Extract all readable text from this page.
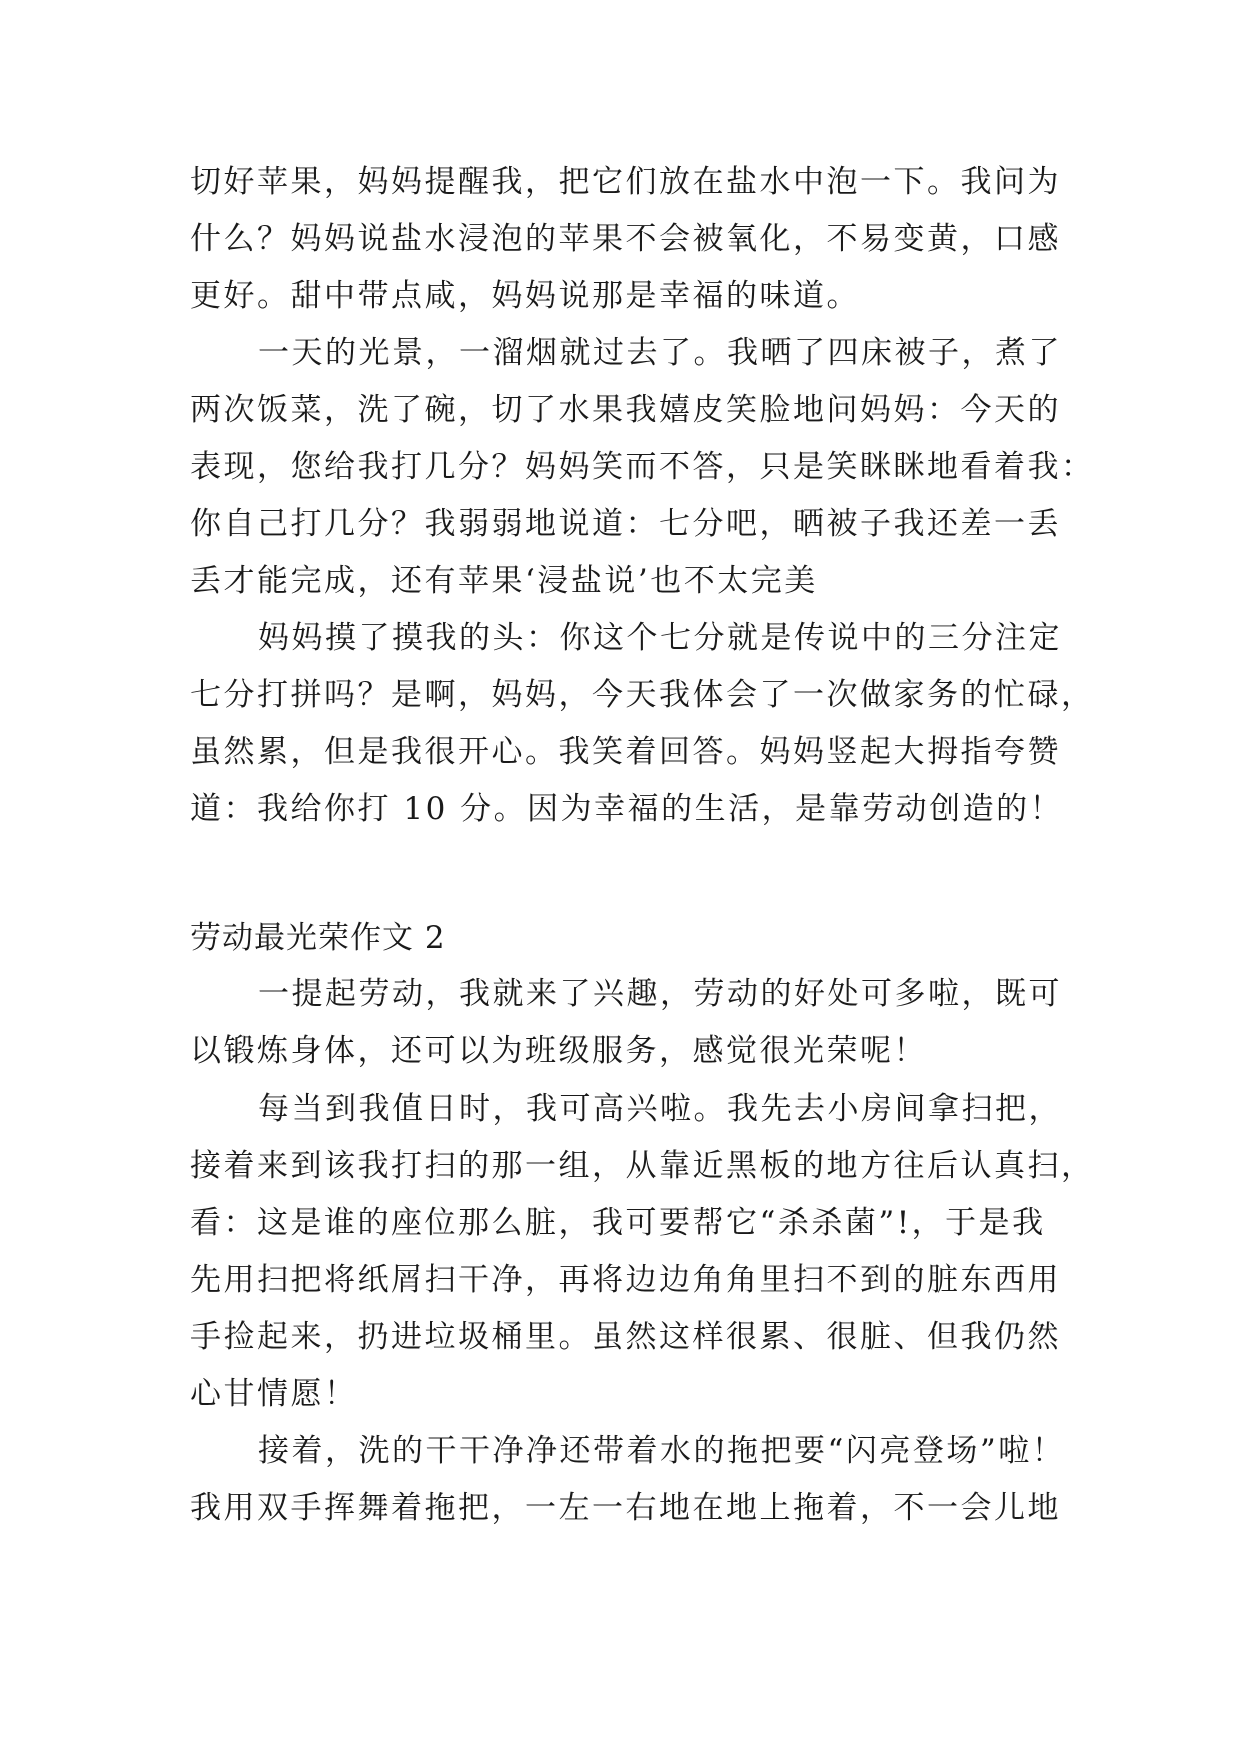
切好苹果，妈妈提醒我，把它们放在盐水中泡一下。我问为
什么？妈妈说盐水浸泡的苹果不会被氧化，不易变黄，口感
更好。甜中带点咸，妈妈说那是幸福的味道。
一天的光景，一溜烟就过去了。我晒了四床被子，煮了
两次饭菜，洗了碗，切了水果我嬉皮笑脸地问妈妈：今天的
表现，您给我打几分？妈妈笑而不答，只是笑眯眯地看着我：
你自己打几分？我弱弱地说道：七分吧，晒被子我还差一丢
丢才能完成，还有苹果‘浸盐说’也不太完美
妈妈摸了摸我的头：你这个七分就是传说中的三分注定
七分打拼吗？是啊，妈妈，今天我体会了一次做家务的忙碌，
虽然累，但是我很开心。我笑着回答。妈妈竖起大拇指夸赞
道：我给你打 10 分。因为幸福的生活，是靠劳动创造的！
劳动最光荣作文 2
一提起劳动，我就来了兴趣，劳动的好处可多啦，既可
以锻炼身体，还可以为班级服务，感觉很光荣呢！
每当到我值日时，我可高兴啦。我先去小房间拿扫把，
接着来到该我打扫的那一组，从靠近黑板的地方往后认真扫，
看：这是谁的座位那么脏，我可要帮它“杀杀菌”!，于是我
先用扫把将纸屑扫干净，再将边边角角里扫不到的脏东西用
手捡起来，扔进垃圾桶里。虽然这样很累、很脏、但我仍然
心甘情愿！
接着，洗的干干净净还带着水的拖把要“闪亮登场”啦！
我用双手挥舞着拖把，一左一右地在地上拖着，不一会儿地
